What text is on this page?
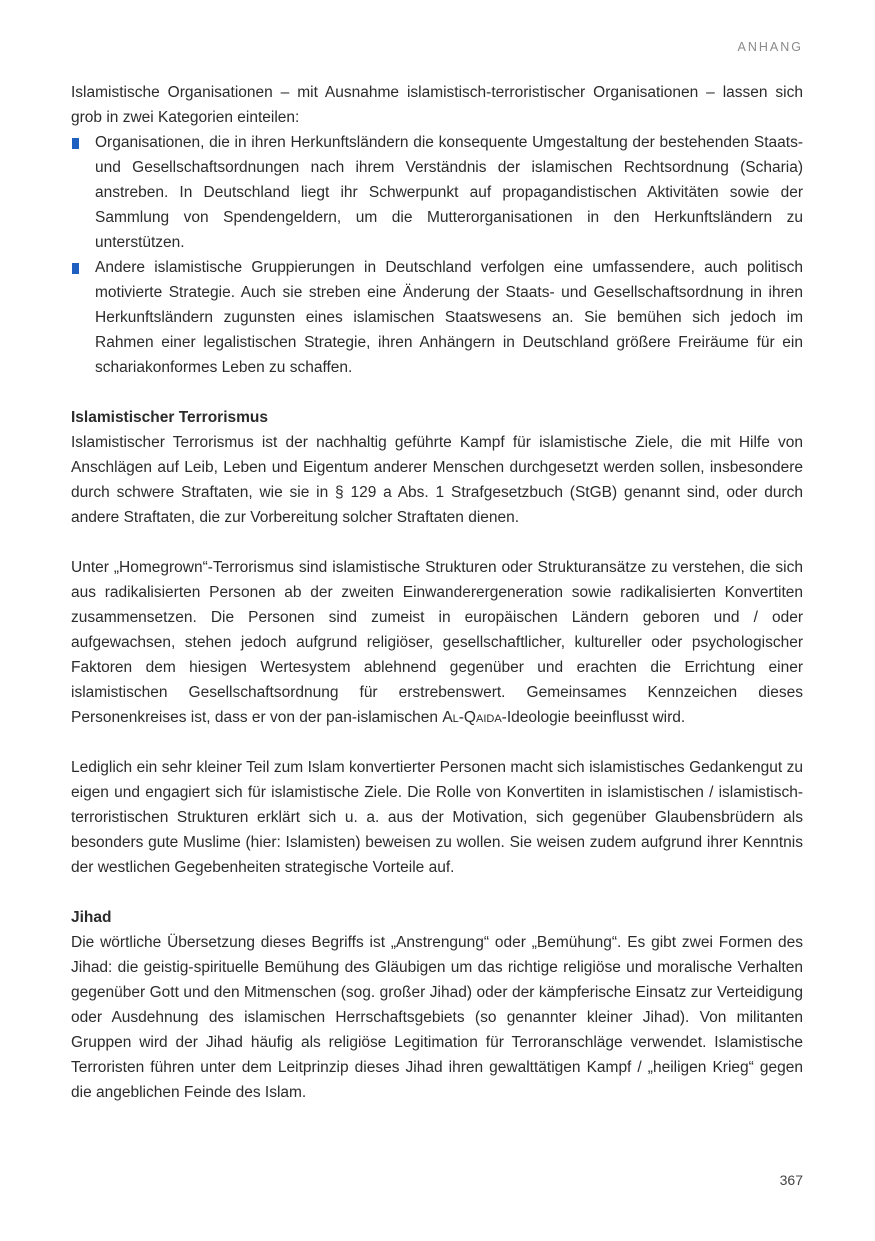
ANHANG

Islamistische Organisationen – mit Ausnahme islamistisch-terroristischer Organisationen – lassen sich grob in zwei Kategorien einteilen:

Organisationen, die in ihren Herkunftsländern die konsequente Umgestaltung der bestehenden Staats- und Gesellschaftsordnungen nach ihrem Verständnis der islamischen Rechtsordnung (Scharia) anstreben. In Deutschland liegt ihr Schwerpunkt auf propagandistischen Aktivitäten sowie der Sammlung von Spendengeldern, um die Mutterorganisationen in den Herkunftsländern zu unterstützen.
Andere islamistische Gruppierungen in Deutschland verfolgen eine umfassendere, auch politisch motivierte Strategie. Auch sie streben eine Änderung der Staats- und Gesellschaftsordnung in ihren Herkunftsländern zugunsten eines islamischen Staatswesens an. Sie bemühen sich jedoch im Rahmen einer legalistischen Strategie, ihren Anhängern in Deutschland größere Freiräume für ein schariakonformes Leben zu schaffen.
Islamistischer Terrorismus

Islamistischer Terrorismus ist der nachhaltig geführte Kampf für islamistische Ziele, die mit Hilfe von Anschlägen auf Leib, Leben und Eigentum anderer Menschen durchgesetzt werden sollen, insbesondere durch schwere Straftaten, wie sie in § 129 a Abs. 1 Strafgesetzbuch (StGB) genannt sind, oder durch andere Straftaten, die zur Vorbereitung solcher Straftaten dienen.

Unter „Homegrown“-Terrorismus sind islamistische Strukturen oder Strukturansätze zu verstehen, die sich aus radikalisierten Personen ab der zweiten Einwanderergeneration sowie radikalisierten Konvertiten zusammensetzen. Die Personen sind zumeist in europäischen Ländern geboren und / oder aufgewachsen, stehen jedoch aufgrund religiöser, gesellschaftlicher, kultureller oder psychologischer Faktoren dem hiesigen Wertesystem ablehnend gegenüber und erachten die Errichtung einer islamistischen Gesellschaftsordnung für erstrebenswert. Gemeinsames Kennzeichen dieses Personenkreises ist, dass er von der pan-islamischen Al-Qaida-Ideologie beeinflusst wird.

Lediglich ein sehr kleiner Teil zum Islam konvertierter Personen macht sich islamistisches Gedankengut zu eigen und engagiert sich für islamistische Ziele. Die Rolle von Konvertiten in islamistischen / islamistisch-terroristischen Strukturen erklärt sich u. a. aus der Motivation, sich gegenüber Glaubensbrüdern als besonders gute Muslime (hier: Islamisten) beweisen zu wollen. Sie weisen zudem aufgrund ihrer Kenntnis der westlichen Gegebenheiten strategische Vorteile auf.

Jihad

Die wörtliche Übersetzung dieses Begriffs ist „Anstrengung“ oder „Bemühung“. Es gibt zwei Formen des Jihad: die geistig-spirituelle Bemühung des Gläubigen um das richtige religiöse und moralische Verhalten gegenüber Gott und den Mitmenschen (sog. großer Jihad) oder der kämpferische Einsatz zur Verteidigung oder Ausdehnung des islamischen Herrschaftsgebiets (so genannter kleiner Jihad). Von militanten Gruppen wird der Jihad häufig als religiöse Legitimation für Terroranschläge verwendet. Islamistische Terroristen führen unter dem Leitprinzip dieses Jihad ihren gewalttätigen Kampf / „heiligen Krieg“ gegen die angeblichen Feinde des Islam.

367
